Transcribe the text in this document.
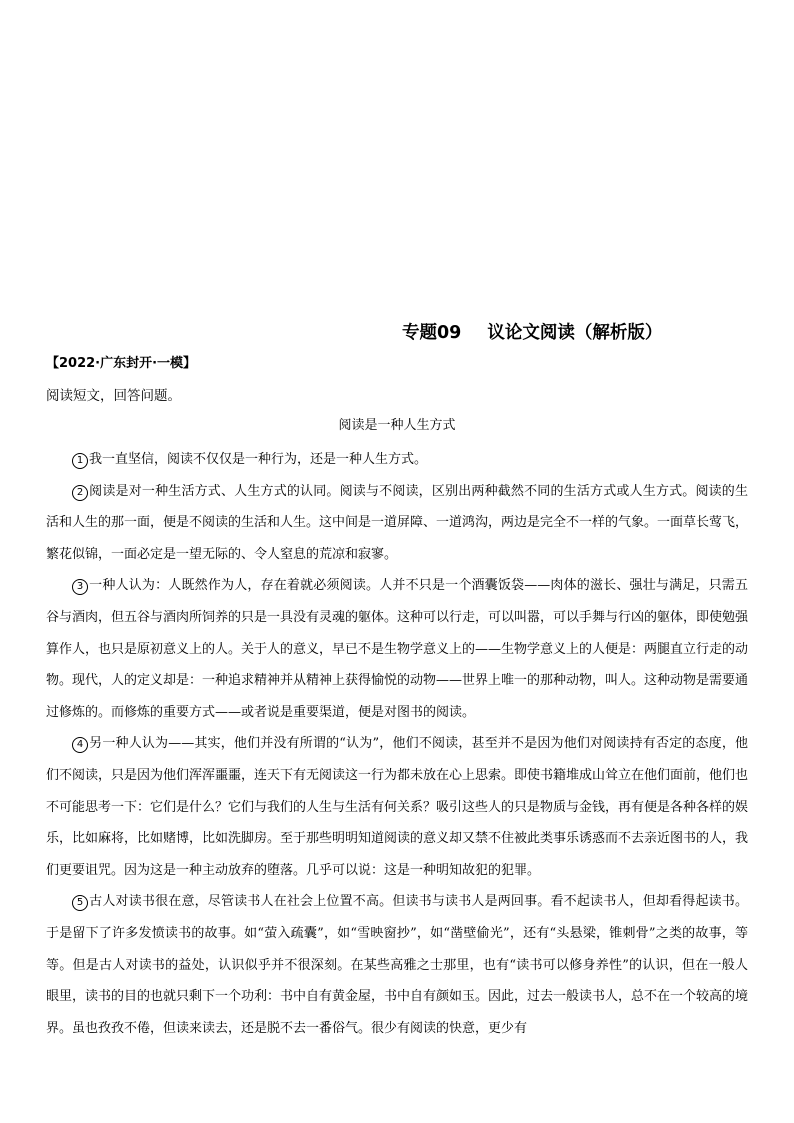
专题09 议论文阅读（解析版）
【2022·广东封开·一模】
阅读短文，回答问题。
阅读是一种人生方式

1 我一直坚信，阅读不仅仅是一种行为，还是一种人生方式。

2 阅读是对一种生活方式、人生方式的认同。阅读与不阅读，区别出两种截然不同的生活方式或人生方式。阅读的生活和人生的那一面，便是不阅读的生活和人生。这中间是一道屏障、一道鸿沟，两边是完全不一样的气象。一面草长莺飞，繁花似锦，一面必定是一望无际的、令人窒息的荒凉和寂寥。

3 一种人认为：人既然作为人，存在着就必须阅读。人并不只是一个酒囊饭袋——肉体的滋长、强壮与满足，只需五谷与酒肉，但五谷与酒肉所饲养的只是一具没有灵魂的躯体。这种可以行走，可以叫嚣，可以手舞与行凶的躯体，即使勉强算作人，也只是原初意义上的人。关于人的意义，早已不是生物学意义上的——生物学意义上的人便是：两腿直立行走的动物。现代，人的定义却是：一种追求精神并从精神上获得愉悦的动物——世界上唯一的那种动物，叫人。这种动物是需要通过修炼的。而修炼的重要方式——或者说是重要渠道，便是对图书的阅读。

4 另一种人认为——其实，他们并没有所谓的“认为”，他们不阅读，甚至并不是因为他们对阅读持有否定的态度，他们不阅读，只是因为他们浑浑噩噩，连天下有无阅读这一行为都未放在心上思索。即使书籍堆成山耸立在他们面前，他们也不可能思考一下：它们是什么？它们与我们的人生与生活有何关系？吸引这些人的只是物质与金钱，再有便是各种各样的娱乐，比如麻将，比如赌博，比如洗脚房。至于那些明明知道阅读的意义却又禁不住被此类事乐诱惑而不去亲近图书的人，我们更要诅咒。因为这是一种主动放弃的堕落。几乎可以说：这是一种明知故犯的犯罪。

5 古人对读书很在意，尽管读书人在社会上位置不高。但读书与读书人是两回事。看不起读书人，但却看得起读书。于是留下了许多发愤读书的故事。如“萤入疏囊”，如“雪映窗抄”，如“凿壁偷光”，还有“头悬梁，锥刺骨”之类的故事，等等。但是古人对读书的益处，认识似乎并不很深刻。在某些高雅之士那里，也有“读书可以修身养性”的认识，但在一般人眼里，读书的目的也就只剩下一个功利：书中自有黄金屋，书中自有颜如玉。因此，过去一般读书人，总不在一个较高的境界。虽也孜孜不倦，但读来读去，还是脱不去一番俗气。很少有阅读的快意，更少有
